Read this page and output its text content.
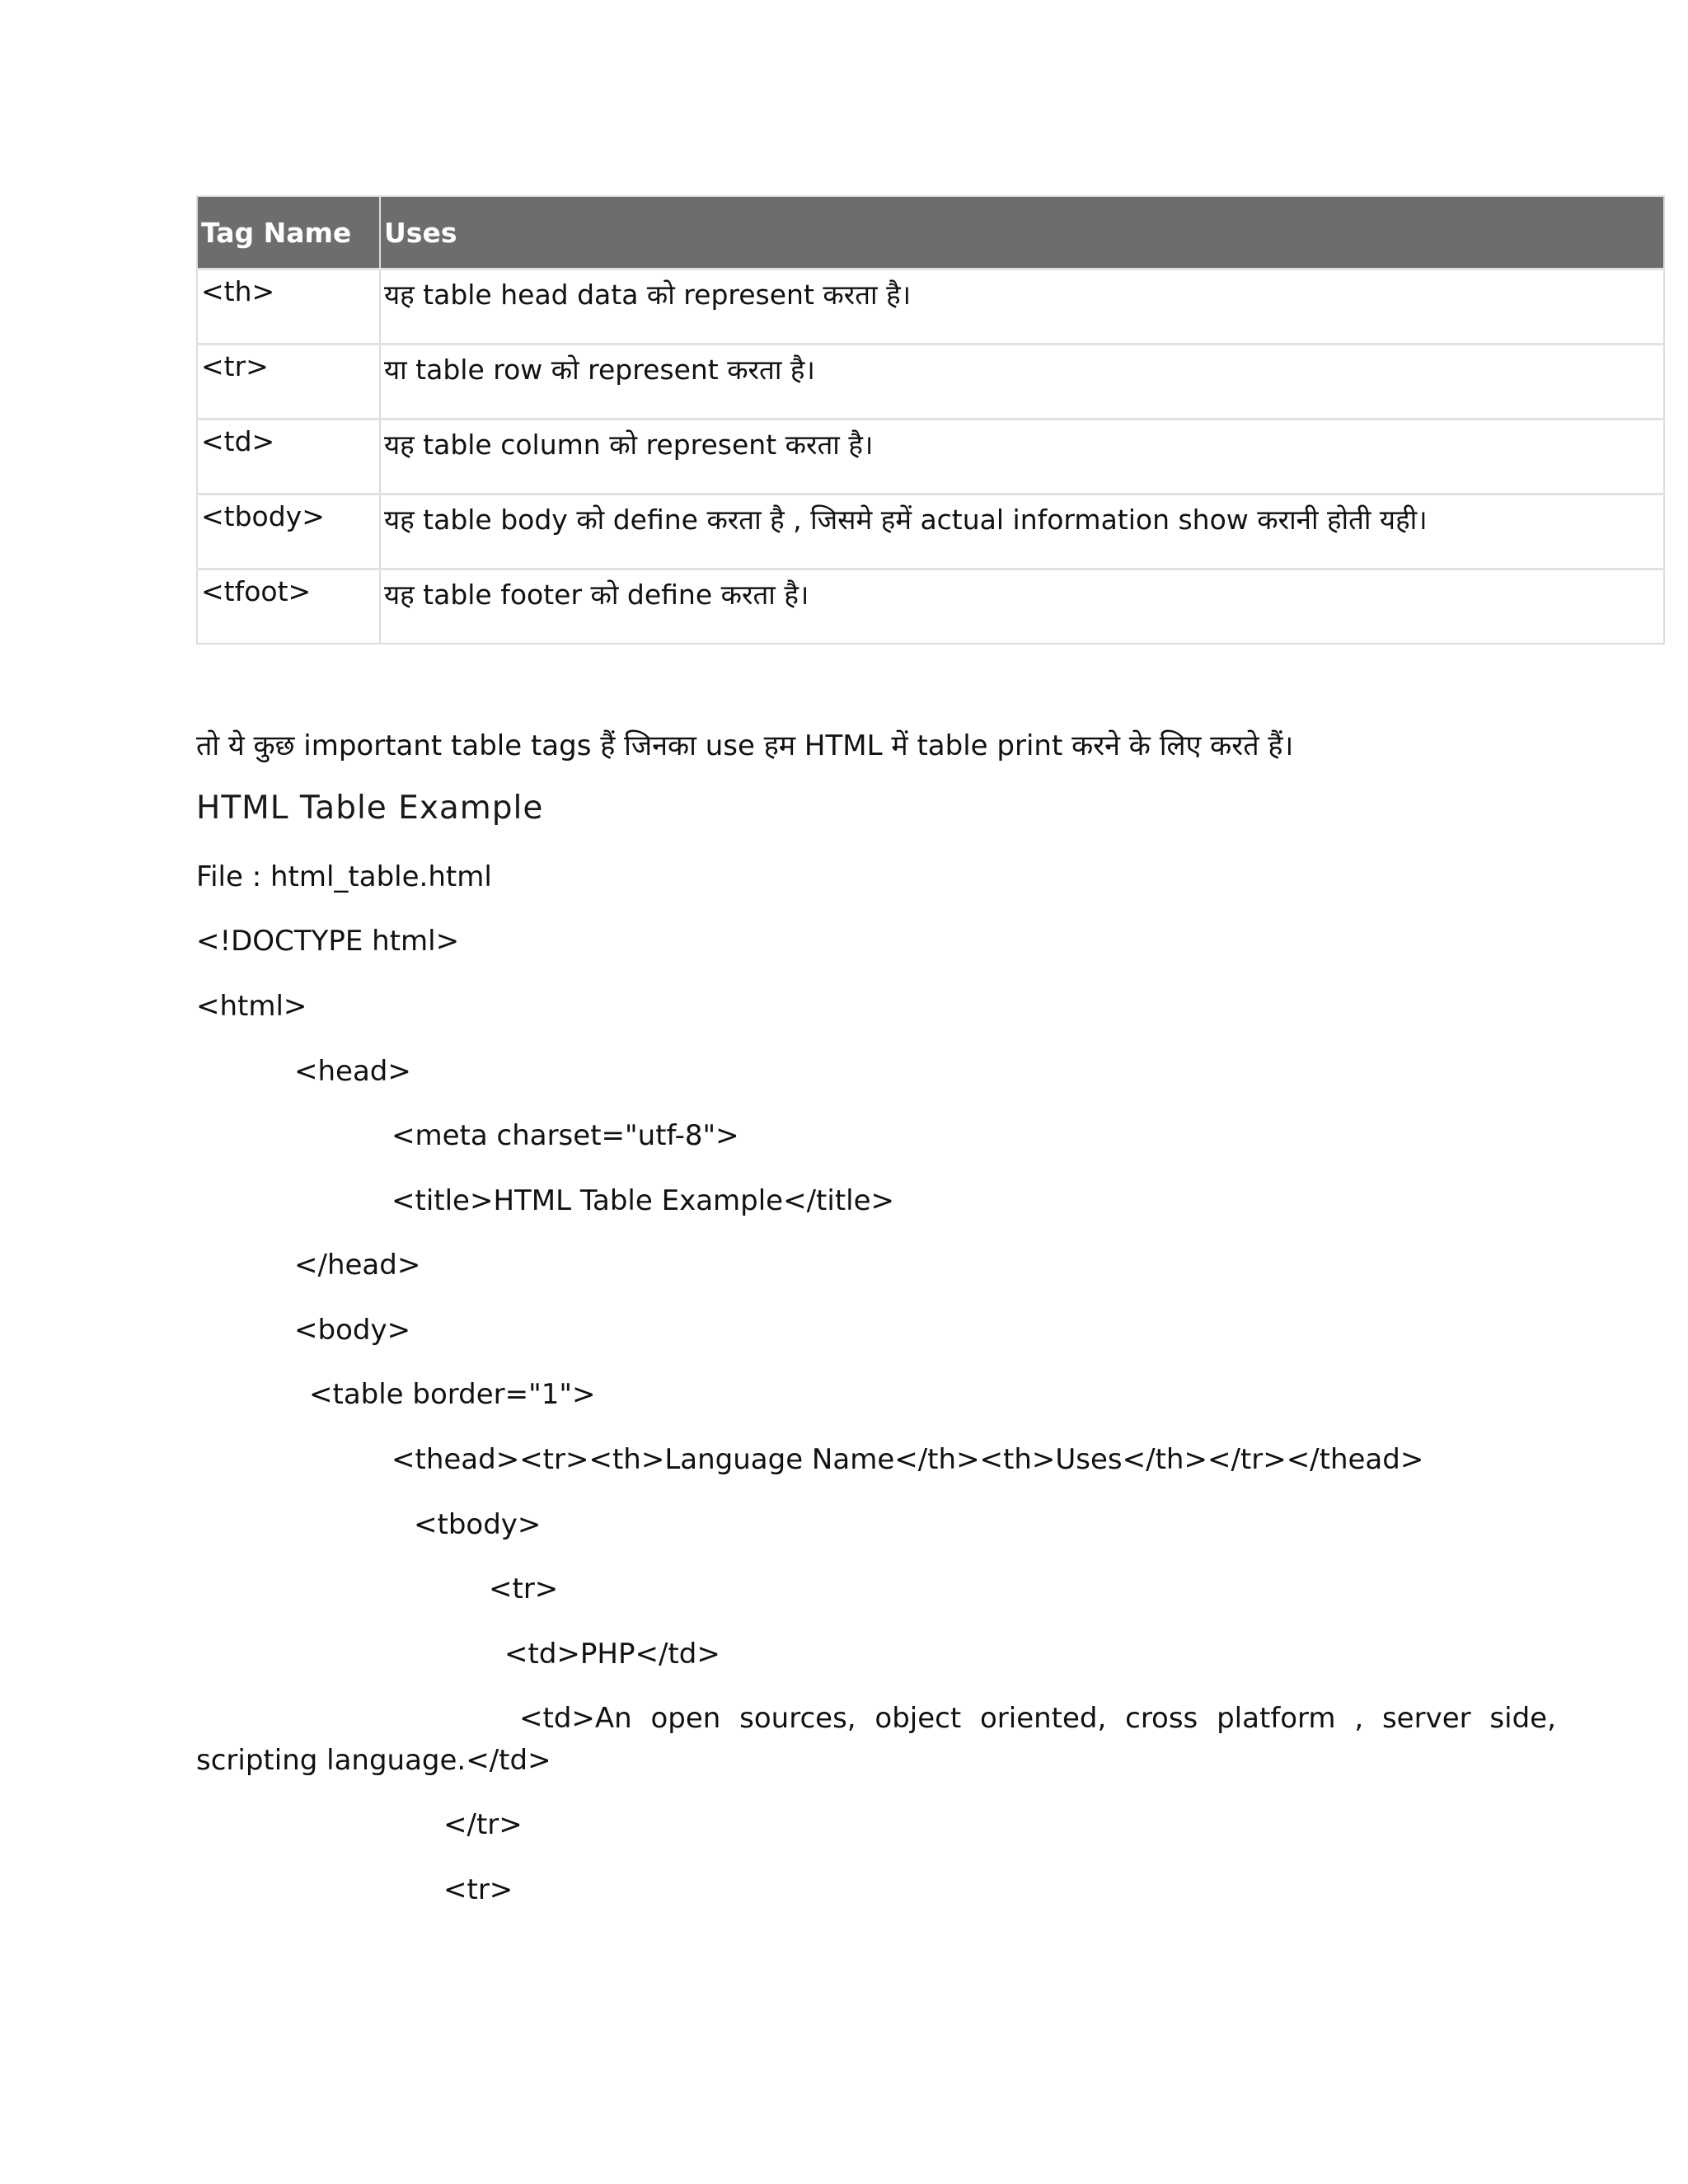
Tag Name	Uses
<th>	यह table head data को represent करता है।
<tr>	या table row को represent करता है।
<td>	यह table column को represent करता है।
<tbody>	यह table body को define करता है , जिसमे हमें actual information show करानी होती यही।
<tfoot>	यह table footer को define करता है।
तो ये कुछ important table tags हैं जिनका use हम HTML में table print करने के लिए करते हैं।
HTML Table Example
File : html_table.html
<!DOCTYPE html>
<html>
<head>
<meta charset="utf-8">
<title>HTML Table Example</title>
</head>
<body>
<table border="1">
<thead><tr><th>Language Name</th><th>Uses</th></tr></thead>
<tbody>
<tr>
<td>PHP</td>
<td>An open sources, object oriented, cross platform , server side,
scripting language.</td>
</tr>
<tr>
